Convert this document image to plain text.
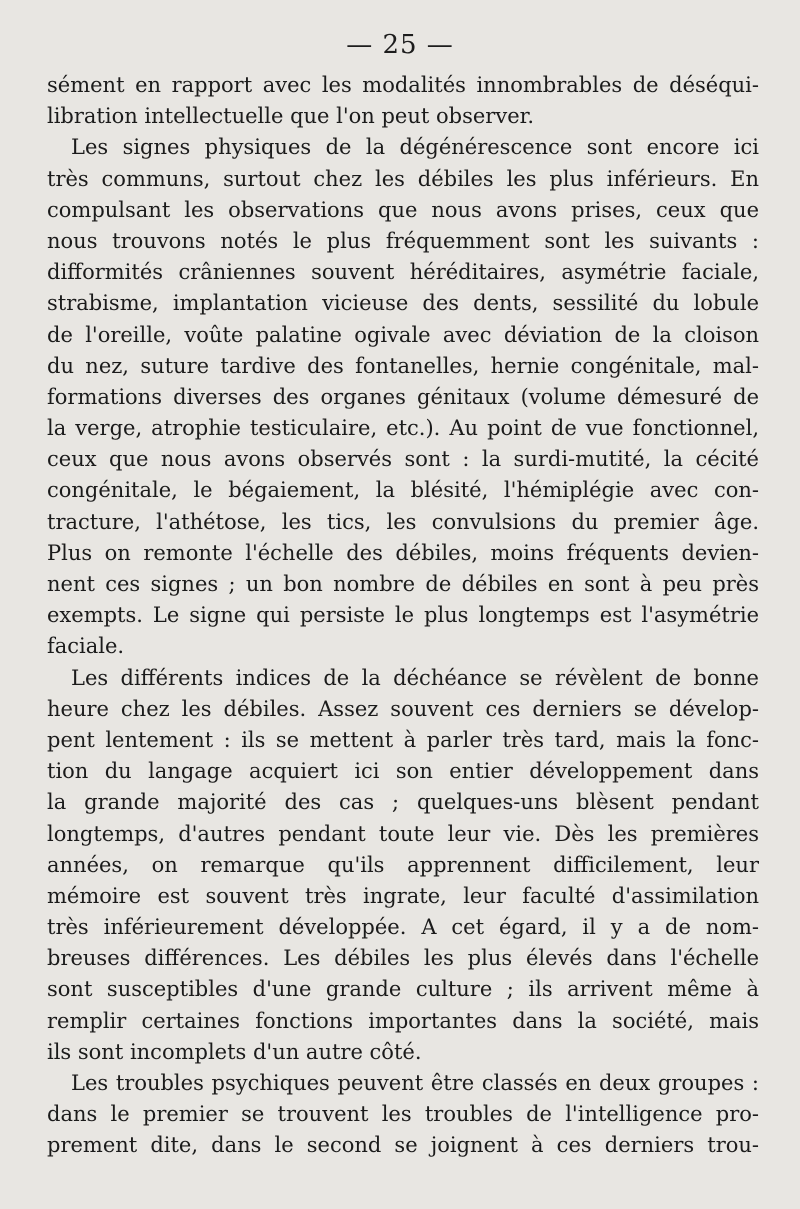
— 25 —
sément en rapport avec les modalités innombrables de déséqui-
libration intellectuelle que l'on peut observer.
Les signes physiques de la dégénérescence sont encore ici
très communs, surtout chez les débiles les plus inférieurs. En
compulsant les observations que nous avons prises, ceux que
nous trouvons notés le plus fréquemment sont les suivants :
difformités crâniennes souvent héréditaires, asymétrie faciale,
strabisme, implantation vicieuse des dents, sessilité du lobule
de l'oreille, voûte palatine ogivale avec déviation de la cloison
du nez, suture tardive des fontanelles, hernie congénitale, mal-
formations diverses des organes génitaux (volume démesuré de
la verge, atrophie testiculaire, etc.). Au point de vue fonctionnel,
ceux que nous avons observés sont : la surdi-mutité, la cécité
congénitale, le bégaiement, la blésité, l'hémiplégie avec con-
tracture, l'athétose, les tics, les convulsions du premier âge.
Plus on remonte l'échelle des débiles, moins fréquents devien-
nent ces signes ; un bon nombre de débiles en sont à peu près
exempts. Le signe qui persiste le plus longtemps est l'asymétrie
faciale.
Les différents indices de la déchéance se révèlent de bonne
heure chez les débiles. Assez souvent ces derniers se dévelop-
pent lentement : ils se mettent à parler très tard, mais la fonc-
tion du langage acquiert ici son entier développement dans
la grande majorité des cas ; quelques-uns blèsent pendant
longtemps, d'autres pendant toute leur vie. Dès les premières
années, on remarque qu'ils apprennent difficilement, leur
mémoire est souvent très ingrate, leur faculté d'assimilation
très inférieurement développée. A cet égard, il y a de nom-
breuses différences. Les débiles les plus élevés dans l'échelle
sont susceptibles d'une grande culture ; ils arrivent même à
remplir certaines fonctions importantes dans la société, mais
ils sont incomplets d'un autre côté.
Les troubles psychiques peuvent être classés en deux groupes :
dans le premier se trouvent les troubles de l'intelligence pro-
prement dite, dans le second se joignent à ces derniers trou-
